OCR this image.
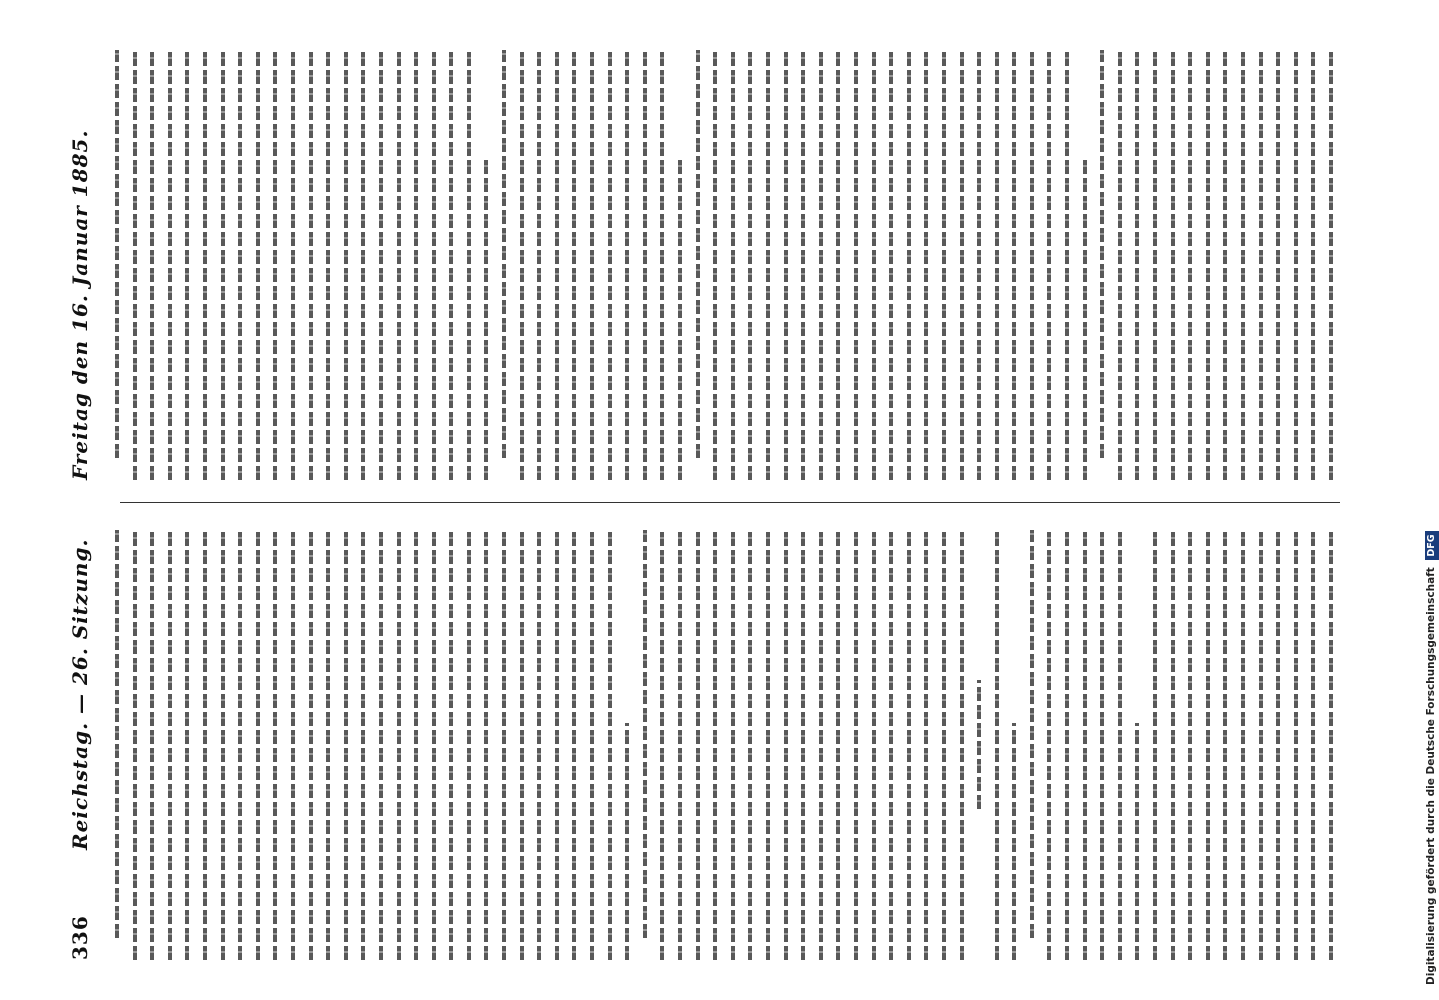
336
Reichstag. — 26. Sitzung.
Freitag den 16. Januar 1885.
Digitalisierung gefördert durch die Deutsche Forschungsgemeinschaft DFG
